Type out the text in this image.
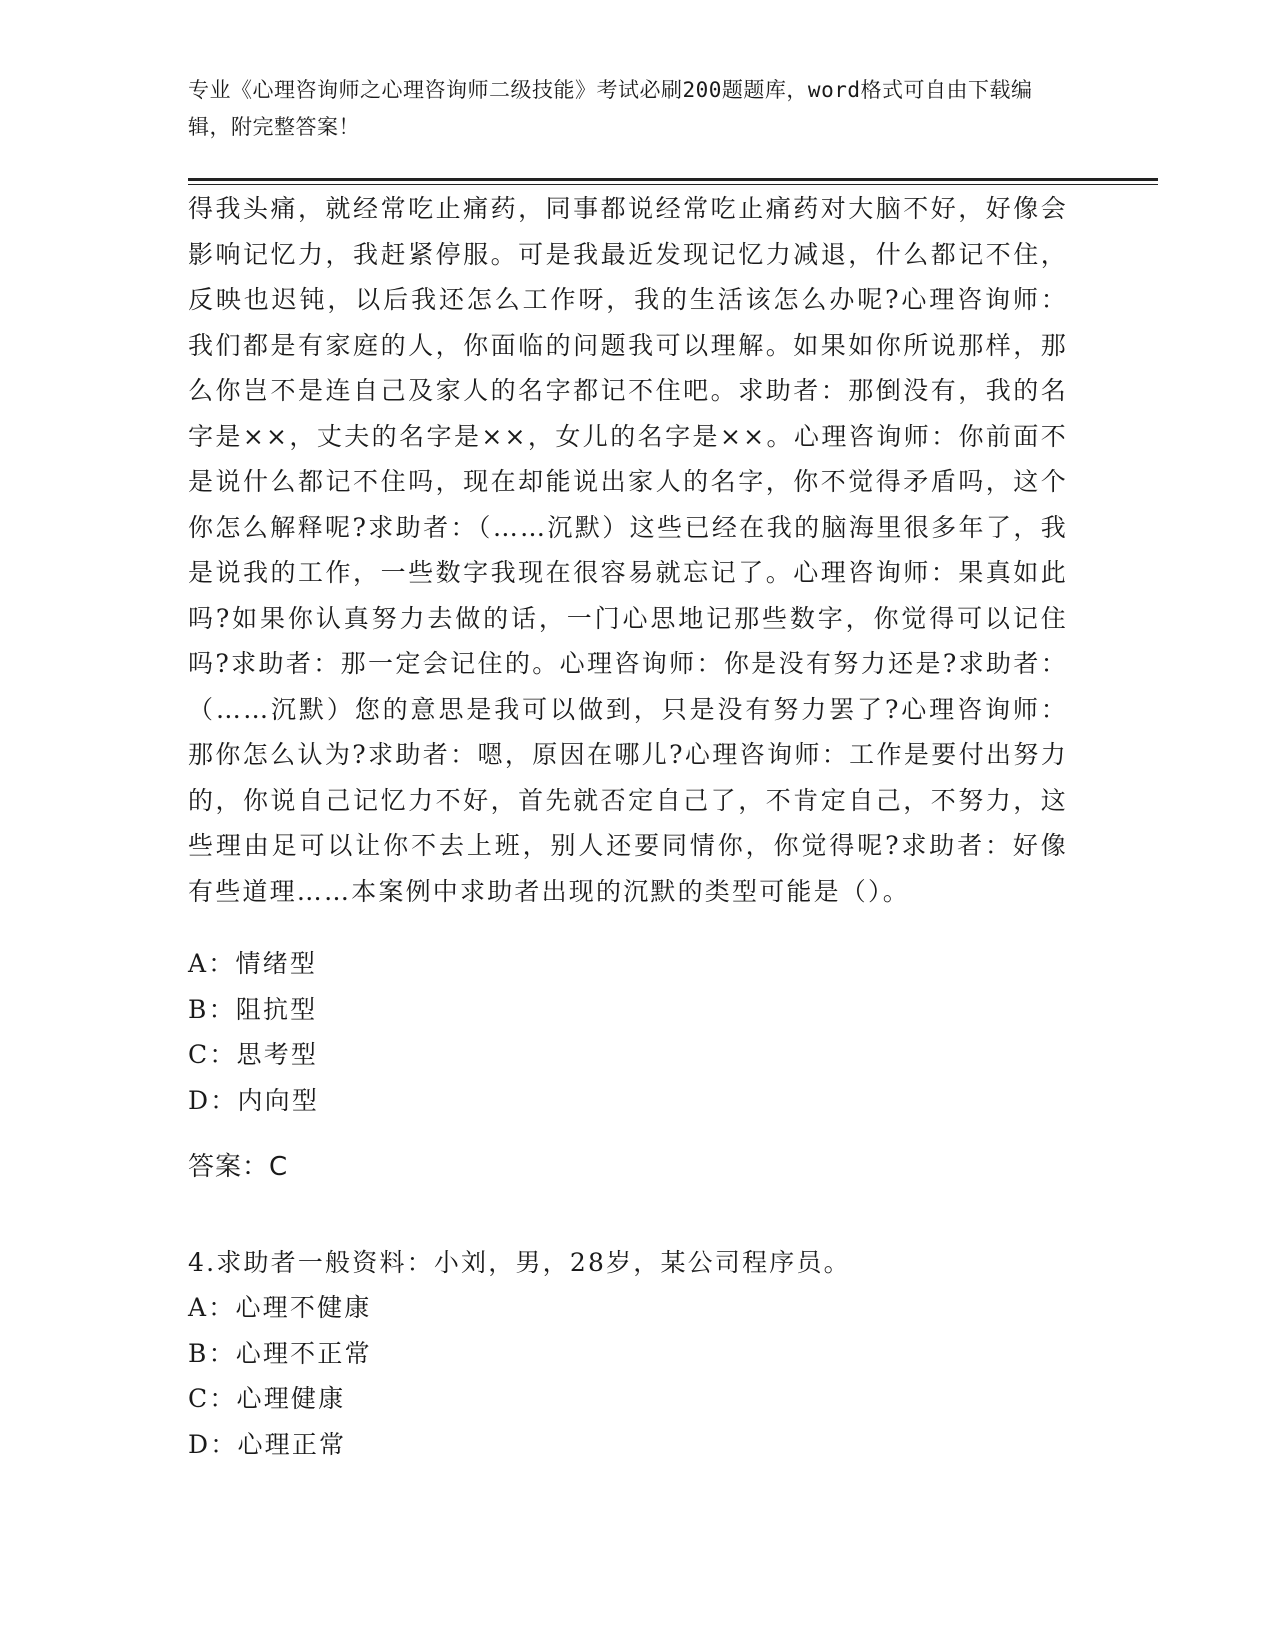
专业《心理咨询师之心理咨询师二级技能》考试必刷200题题库，word格式可自由下载编辑，附完整答案！
得我头痛，就经常吃止痛药，同事都说经常吃止痛药对大脑不好，好像会影响记忆力，我赶紧停服。可是我最近发现记忆力减退，什么都记不住，反映也迟钝，以后我还怎么工作呀，我的生活该怎么办呢?心理咨询师：我们都是有家庭的人，你面临的问题我可以理解。如果如你所说那样，那么你岂不是连自己及家人的名字都记不住吧。求助者：那倒没有，我的名字是××，丈夫的名字是××，女儿的名字是××。心理咨询师：你前面不是说什么都记不住吗，现在却能说出家人的名字，你不觉得矛盾吗，这个你怎么解释呢?求助者：（……沉默）这些已经在我的脑海里很多年了，我是说我的工作，一些数字我现在很容易就忘记了。心理咨询师：果真如此吗?如果你认真努力去做的话，一门心思地记那些数字，你觉得可以记住吗?求助者：那一定会记住的。心理咨询师：你是没有努力还是?求助者：（……沉默）您的意思是我可以做到，只是没有努力罢了?心理咨询师：那你怎么认为?求助者：嗯，原因在哪儿?心理咨询师：工作是要付出努力的，你说自己记忆力不好，首先就否定自己了，不肯定自己，不努力，这些理由足可以让你不去上班，别人还要同情你，你觉得呢?求助者：好像有些道理……本案例中求助者出现的沉默的类型可能是（）。
A：情绪型
B：阻抗型
C：思考型
D：内向型
答案：C
4.求助者一般资料：小刘，男，28岁，某公司程序员。
A：心理不健康
B：心理不正常
C：心理健康
D：心理正常
